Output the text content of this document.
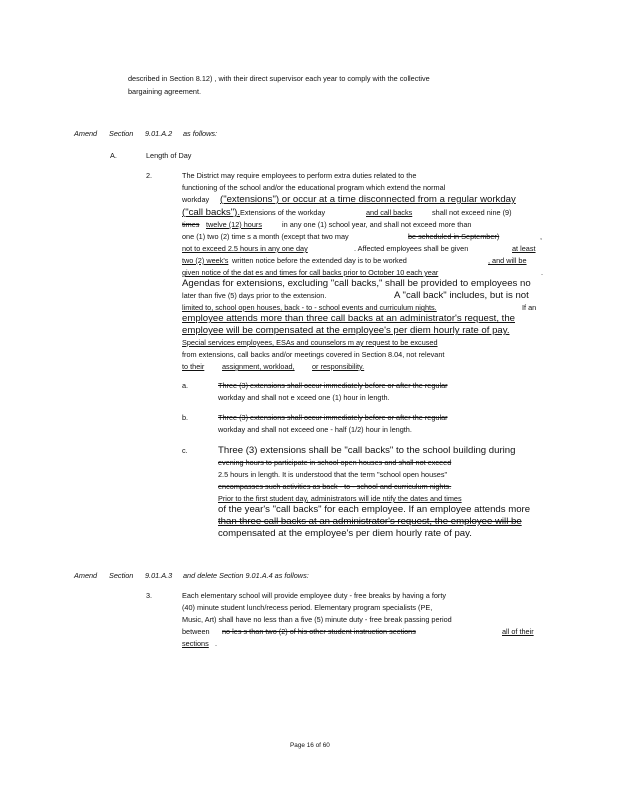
described in Section 8.12) , with their direct supervisor each year to comply with the collective
bargaining agreement.
Amend Section 9.01.A.2 as follows:
A.	Length of Day
2.	The District may require employees to perform extra duties related to the
functioning of the school and/or the educational program which extend the normal
workday ("extensions") or occur at a time disconnected from a regular workday
("call backs"). Extensions of the workday	and call backs	shall not exceed nine (9)
times twelve (12) hours	in any one (1) school year, and shall not exceed more than
one (1) two (2) time s a month (except that two may	be scheduled in September)	,
not to exceed 2.5 hours in any one day	. Affected employees shall be given	at least
two (2) week's written notice before the extended day is to be worked	, and will be
given notice of the dat es and times for call backs prior to October 10 each year	.
Agendas for extensions, excluding "call backs," shall be provided to employees no
later than five (5) days prior to the extension.	A "call back" includes, but is not
limited to, school open houses, back - to - school events and curriculum nights.	If an
employee attends more than three call backs at an administrator's request, the
employee will be compensated at the employee's per diem hourly rate of pay.
Special services employees, ESAs and counselors m ay request to be excused
from extensions, call backs and/or meetings covered in Section 8.04, not relevant
to their assignment, workload, or responsibility.
a.	Three (3) extensions shall occur immediately before or after the regular
workday and shall not e xceed one (1) hour in length.
b.	Three (3) extensions shall occur immediately before or after the regular
workday and shall not exceed one - half (1/2) hour in length.
c.	Three (3) extensions shall be "call backs" to the school building during
evening hours to participate in school open houses and shall not exceed
2.5 hours in length. It is understood that the term "school open houses"
encompasses such activities as back - to - school and curriculum nights.
Prior to the first student day, administrators will ide ntify the dates and times
of the year's "call backs" for each employee. If an employee attends more
than three call backs at an administrator's request, the employee will be
compensated at the employee's per diem hourly rate of pay.
Amend Section 9.01.A.3 and delete Section 9.01.A.4 as follows:
3.	Each elementary school will provide employee duty - free breaks by having a forty
(40) minute student lunch/recess period. Elementary program specialists (PE,
Music, Art) shall have no less than a five (5) minute duty - free break passing period
between no les s than two (2) of his other student instruction sections	all of their
sections .
Page 16 of 60
